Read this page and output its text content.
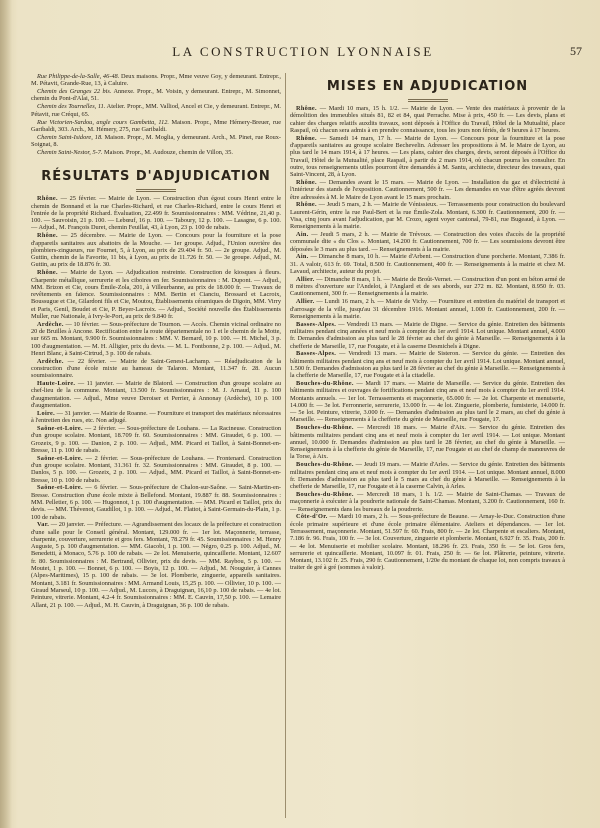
LA CONSTRUCTION LYONNAISE	57

Rue Philippe-de-la-Salle, 46-48. Deux maisons. Propr., Mme veuve Goy, y demeurant. Entrepr., M. Pétavit, Grande-Rue, 13, à Caluire.

Chemin des Granges 22 bis. Annexe. Propr., M. Voisin, y demeurant. Entrepr., M. Simonnet, chemin du Pont-d'Alai, 51.

Chemin des Tournelles, 11. Atelier. Propr., MM. Valliod, Ancel et Cie, y demeurant. Entrepr., M. Pétavit, rue Créqui, 65.

Rue Victorien-Sardou, angle cours Gambetta, 112. Maison. Propr., Mme Hémery-Breuer, rue Garibaldi, 303. Arch., M. Hémery, 275, rue Garibaldi.

Chemin Saint-Isidore, 18. Maison. Propr., M. Moglia, y demeurant. Arch., M. Pinet, rue Roux-Soignat, 8.

Chemin Saint-Nestor, 5-7. Maison. Propr., M. Audouze, chemin de Villon, 35.

RÉSULTATS D'ADJUDICATION

Rhône. — 25 février. — Mairie de Lyon. — Construction d'un égout cours Henri entre le chemin de Bonnand et la rue Charles-Richard, et rue Charles-Richard, entre le cours Henri et l'entrée de la propriété Richard. Évaluation, 22.499 fr. Soumissionnaires : MM. Védrine, 21,40 p. 100. — Sauvoisin, 21 p. 100. — Lebœuf, 16 p. 100. — Taboury, 12 p. 100. — Lasagne, 6 p. 100. — Adjud., M. François Duret, chemin Feuillat, 43, à Lyon, 23 p. 100 de rabais.

Rhône. — 25 décembre. — Mairie de Lyon. — Concours pour la fourniture et la pose d'appareils sanitaires aux abattoirs de la Mouche. — 1er groupe. Adjud., l'Union ouvrière des plombiers-zingueurs, rue Fournet, 5, à Lyon, au prix de 29.404 fr. 50. — 2e groupe. Adjud., M. Guttin, chemin de la Favorite, 11 bis, à Lyon, au prix de 11.726 fr. 50. — 3e groupe. Adjud., M. Guttin, au prix de 18.876 fr. 30.

Rhône. — Mairie de Lyon. — Adjudication restreinte. Construction de kiosques à fleurs. Charpente métallique, serrurerie et les ciboires en fer. Soumissionnaires : M. Dupont. — Adjud., MM. Brizon et Cie, cours Émile-Zola, 201, à Villeurbanne, au prix de 18.000 fr. — Travaux de revêtements en faïence. Soumissionnaires : MM. Bertin et Cianciu, Brossard et Lacroix, Boussugue et Cie, Gilardoni fils et Cie, Moutou, Établissements céramiques de Digoin, MM. Virry et Paris, Genil, Boudet et Cie, P. Beyer-Lacroix. — Adjud., Société nouvelle des Établissements Muller, rue Nationale, à Ivry-le-Port, au prix de 9.840 fr.

Ardèche. — 10 février. — Sous-préfecture de Tournon. — Accès. Chemin vicinal ordinaire no 20 de Bruilles à Ancone. Rectification entre la route départementale no 1 et le chemin de la Motte, sur 665 m. Montant, 9.900 fr. Soumissionnaires : MM. V. Bernard, 10 p. 100. — H. Michel, 3 p. 100 d'augmentation. — M. H. Alligier, prix du devis. — M. L. Fontbonne, 2 p. 100. — Adjud., M. Henri Blanc, à Saint-Cirtrud, 3 p. 100 de rabais.

Ardèche. — 22 février. — Mairie de Saint-Genest-Lachamp. — Réadjudication de la construction d'une école mixte au hameau de Talaron. Montant, 11.347 fr. 28. Aucun soumissionnaire.

Haute-Loire. — 11 janvier. — Mairie de Blatord. — Construction d'un groupe scolaire au chef-lieu de la commune. Montant, 13.500 fr. Soumissionnaires : M. J. Arnaud, 11 p. 100 d'augmentation. — Adjud., Mme veuve Deroiser et Perrier, à Annonay (Ardèche), 10 p. 100 d'augmentation.

Loire. — 31 janvier. — Mairie de Roanne. — Fourniture et transport des matériaux nécessaires à l'entretien des rues, etc. Non adjugé.

Saône-et-Loire. — 2 février. — Sous-préfecture de Louhans. — La Racineuse. Construction d'un groupe scolaire. Montant, 18.709 fr. 60. Soumissionnaires : MM. Giraudet, 6 p. 100. — Grozeix, 9 p. 100. — Danion, 2 p. 100. — Adjud., MM. Picard et Taillot, à Saint-Bonnet-en-Bresse, 11 p. 100 de rabais.

Saône-et-Loire. — 2 février. — Sous-préfecture de Louhans. — Frontenard. Construction d'un groupe scolaire. Montant, 31.361 fr. 32. Soumissionnaires : MM. Giraudet, 8 p. 100. — Danlos, 5 p. 100. — Grozeix, 2 p. 100. — Adjud., MM. Picard et Taillot, à Saint-Bonnet-en-Bresse, 10 p. 100 de rabais.

Saône-et-Loire. — 6 février. — Sous-préfecture de Chalon-sur-Saône. — Saint-Martin-en-Bresse. Construction d'une école mixte à Bellefond. Montant, 19.887 fr. 88. Soumissionnaires : MM. Pelletier, 6 p. 100. — Hugonnot, 1 p. 100 d'augmentation. — MM. Picard et Taillot, prix du devis. — MM. Thévenot, Gaudillot, 1 p. 100. — Adjud., M. Flattot, à Saint-Germain-du-Plain, 1 p. 100 de rabais.

Var. — 20 janvier. — Préfecture. — Agrandissement des locaux de la préfecture et construction d'une salle pour le Conseil général. Montant, 129.000 fr. — 1er lot. Maçonnerie, terrasse, charpente, couverture, serrurerie et gros fers. Montant, 78.279 fr. 45. Soumissionnaires : M. Henry Auguste, 5 p. 100 d'augmentation. — MM. Giacobi, 1 p. 100. — Négro, 0.25 p. 100. Adjud., M. Benedetti, à Monaco, 5.76 p. 100 de rabais. — 2e lot. Menuiserie, quincaillerie. Montant, 12.607 fr. 80. Soumissionnaires : M. Bertrand, Ollivier, prix du devis. — MM. Raybou, 5 p. 100. — Moutet, 1 p. 100. — Bonnet, 6 p. 100. — Boyis, 12 p. 100. — Adjud., M. Nouguier, à Cannes (Alpes-Maritimes), 15 p. 100 de rabais. — 3e lot. Plomberie, zinguerie, appareils sanitaires. Montant, 3.181 fr. Soumissionnaires : MM. Armand Louis, 15,25 p. 100. — Ollivier, 10 p. 100. — Giraud Marseul, 10 p. 100. — Adjud., M. Lucces, à Draguignan, 16,10 p. 100 de rabais. — 4e lot. Peinture, vitrerie. Montant, 4.2-4 fr. Soumissionnaires : MM. E. Cauvin, 17,50 p. 100. — Lemaire Allant, 21 p. 100. — Adjud., M. H. Cauvin, à Draguignan, 36 p. 100 de rabais.

MISES EN ADJUDICATION

Rhône. — Mardi 10 mars, 15 h. 1/2. — Mairie de Lyon. — Vente des matériaux à provenir de la démolition des immeubles situés 81, 82 et 84, quai Perrache. Mise à prix, 450 fr. — Les devis, plans et cahier des charges relatifs auxdits travaux, sont déposés à l'Office du Travail, Hôtel de la Mutualité, place Raspail, où chacun sera admis à en prendre connaissance, tous les jours non fériés, de 9 heures à 17 heures.

Rhône. — Samedi 14 mars, 17 h. — Mairie de Lyon. — Concours pour la fourniture et la pose d'appareils sanitaires au groupe scolaire Bechevelin. Adresser les propositions à M. le Maire de Lyon, au plus tard le 14 mars 1914, à 17 heures. — Les plans, cahier des charges, devis, seront déposés à l'Office du Travail, Hôtel de la Mutualité, place Raspail, à partir du 2 mars 1914, où chacun pourra les consulter. En outre, tous renseignements utiles pourront être demandés à M. Santu, architecte, directeur des travaux, quai Saint-Vincent, 28, à Lyon.

Rhône. — Demandes avant le 15 mars. — Mairie de Lyon. — Installation du gaz et d'électricité à l'intérieur des stands de l'exposition. Cautionnement, 500 fr. — Les demandes en vue d'être agréés devront être adressées à M. le Maire de Lyon avant le 15 mars prochain.

Rhône. — Jeudi 5 mars, 2 h. — Mairie de Vénissieux. — Terrassements pour construction du boulevard Laurent-Gérin, entre la rue Paul-Bert et la rue Émile-Zola. Montant, 6.300 fr. Cautionnement, 200 fr. — Visa, cinq jours avant l'adjudication, par M. Crozo, agent voyer cantonal, 79-81, rue Bugeaud, à Lyon. — Renseignements à la mairie.

Ain. — Jeudi 5 mars, 2 h. — Mairie de Trévoux. — Construction des voies d'accès de la propriété communale dite « du Clos ». Montant, 14.200 fr. Cautionnement, 700 fr. — Les soumissions devront être déposées le 3 mars au plus tard. — Renseignements à la mairie.

Ain. — Dimanche 8 mars, 10 h. — Mairie d'Arbent. — Construction d'une porcherie. Montant, 7.386 fr. 31. A valoir, 613 fr. 69. Total, 8.500 fr. Cautionnement, 400 fr. — Renseignements à la mairie et chez M. Lavaud, architecte, auteur du projet.

Allier. — Dimanche 8 mars, 1 h. — Mairie de Broût-Vernet. — Construction d'un pont en béton armé de 8 mètres d'ouverture sur l'Andelot, à l'Anglard et de ses abords, sur 272 m. 82. Montant, 8.950 fr. 03. Cautionnement, 300 fr. — Renseignements à la mairie.

Allier. — Lundi 16 mars, 2 h. — Mairie de Vichy. — Fourniture et entretien du matériel de transport et d'arrosage de la ville, jusqu'au 31 décembre 1916. Montant annuel, 1.000 fr. Cautionnement, 200 fr. — Renseignements à la mairie.

Basses-Alpes. — Vendredi 13 mars. — Mairie de Digne. — Service du génie. Entretien des bâtiments militaires pendant cinq années et neuf mois à compter du 1er avril 1914. Lot unique. Montant annuel, 4.000 fr. Demandes d'admission au plus tard le 28 février au chef du génie à Marseille. — Renseignements à la chefferie de Marseille, 17, rue Fougate, et à la caserne Desmichels à Digne.

Basses-Alpes. — Vendredi 13 mars. — Mairie de Sisteron. — Service du génie. — Entretien des bâtiments militaires pendant cinq ans et neuf mois à compter du 1er avril 1914. Lot unique. Montant annuel, 1.500 fr. Demandes d'admission au plus tard le 28 février au chef du génie à Marseille. — Renseignements à la chefferie de Marseille, 17, rue Fougate et à la citadelle.

Bouches-du-Rhône. — Mardi 17 mars. — Mairie de Marseille. — Service du génie. Entretien des bâtiments militaires et ouvrages de fortifications pendant cinq ans et neuf mois à compter du 1er avril 1914. Montants annuels. — 1er lot. Terrassements et maçonnerie, 65.000 fr. — 2e lot. Charpente et menuiserie, 14.000 fr. — 3e lot. Ferronnerie, serrurerie, 13.000 fr. — 4e lot. Zinguerie, plomberie, fumisterie, 14.000 fr. — 5e lot. Peinture, vitrerie, 3.000 fr. — Demandes d'admission au plus tard le 2 mars, au chef du génie à Marseille. — Renseignements à la chefferie du génie de Marseille, rue Fougate, 17.

Bouches-du-Rhône. — Mercredi 18 mars. — Mairie d'Aix. — Service du génie. Entretien des bâtiments militaires pendant cinq ans et neuf mois à compter du 1er avril 1914. — Lot unique. Montant annuel, 10.000 fr. Demandes d'admission au plus tard le 28 février, au chef du génie à Marseille. — Renseignements à la chefferie du génie de Marseille, 17, rue Fougate et au chef de champ de manœuvres de la Torse, à Aix.

Bouches-du-Rhône. — Jeudi 19 mars. — Mairie d'Arles. — Service du génie. Entretien des bâtiments militaires pendant cinq ans et neuf mois à compter du 1er avril 1914. — Lot unique. Montant annuel, 8.000 fr. Demandes d'admission au plus tard le 5 mars au chef du génie à Marseille. — Renseignements à la chefferie de Marseille, 17, rue Fougate et à la caserne Calvin, à Arles.

Bouches-du-Rhône. — Mercredi 18 mars, 1 h. 1/2. — Mairie de Saint-Chamas. — Travaux de maçonnerie à exécuter à la poudrerie nationale de Saint-Chamas. Montant, 3.200 fr. Cautionnement, 160 fr. — Renseignements dans les bureaux de la poudrerie.

Côte-d'Or. — Mardi 10 mars, 2 h. — Sous-préfecture de Beaune. — Arnay-le-Duc. Construction d'une école primaire supérieure et d'une école primaire élémentaire. Ateliers et dépendances. — 1er lot. Terrassement, maçonnerie. Montant, 51.597 fr. 60. Frais, 800 fr. — 2e lot. Charpente et escaliers. Montant, 7.186 fr. 96. Frais, 100 fr. — 3e lot. Couverture, zinguerie et plomberie. Montant, 6.927 fr. 35. Frais, 200 fr. — 4e lot. Menuiserie et mobilier scolaire. Montant, 18.296 fr. 23. Frais, 350 fr. — 5e lot. Gros fers, serrurerie et quincaillerie. Montant, 10.097 fr. 01. Frais, 250 fr. — 6e lot. Plâtrerie, peinture, vitrerie. Montant, 13.102 fr. 25. Frais, 290 fr. Cautionnement, 1/20e du montant de chaque lot, non compris travaux à traiter de gré à gré (sommes à valoir).
